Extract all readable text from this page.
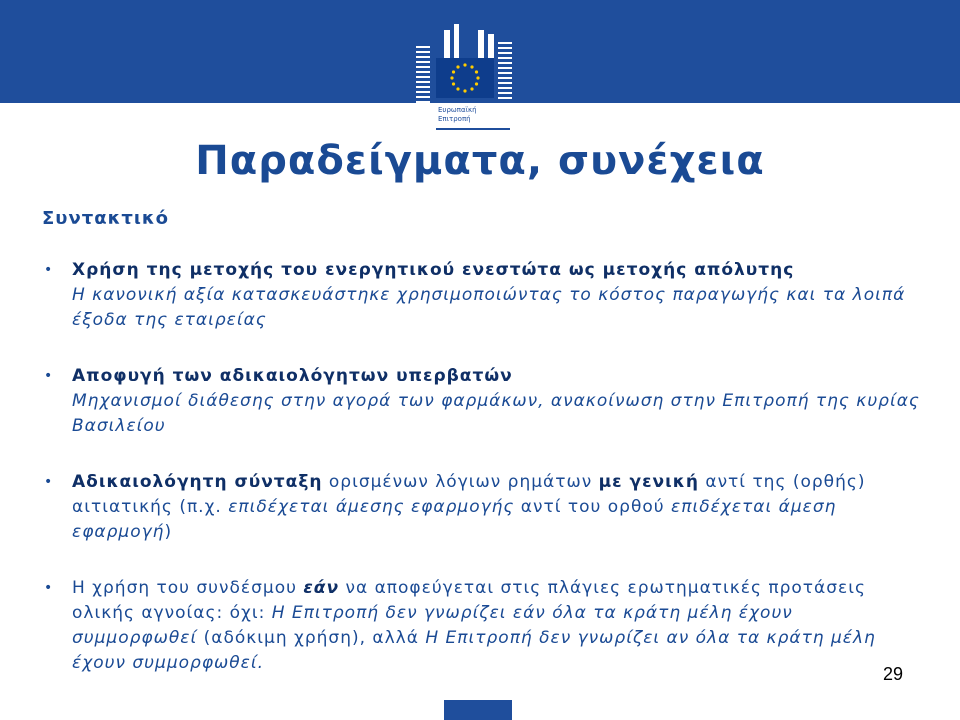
Ευρωπαϊκή
Επιτροπή
Παραδείγματα, συνέχεια
Συντακτικό
• Χρήση της μετοχής του ενεργητικού ενεστώτα ως μετοχής απόλυτης
Η κανονική αξία κατασκευάστηκε χρησιμοποιώντας το κόστος παραγωγής και τα λοιπά έξοδα της εταιρείας
• Αποφυγή των αδικαιολόγητων υπερβατών
Μηχανισμοί διάθεσης στην αγορά των φαρμάκων, ανακοίνωση στην Επιτροπή της κυρίας Βασιλείου
• Αδικαιολόγητη σύνταξη ορισμένων λόγιων ρημάτων με γενική αντί της (ορθής) αιτιατικής (π.χ. επιδέχεται άμεσης εφαρμογής αντί του ορθού επιδέχεται άμεση εφαρμογή)
• Η χρήση του συνδέσμου εάν να αποφεύγεται στις πλάγιες ερωτηματικές προτάσεις ολικής αγνοίας: όχι: Η Επιτροπή δεν γνωρίζει εάν όλα τα κράτη μέλη έχουν συμμορφωθεί (αδόκιμη χρήση), αλλά Η Επιτροπή δεν γνωρίζει αν όλα τα κράτη μέλη έχουν συμμορφωθεί.
29
